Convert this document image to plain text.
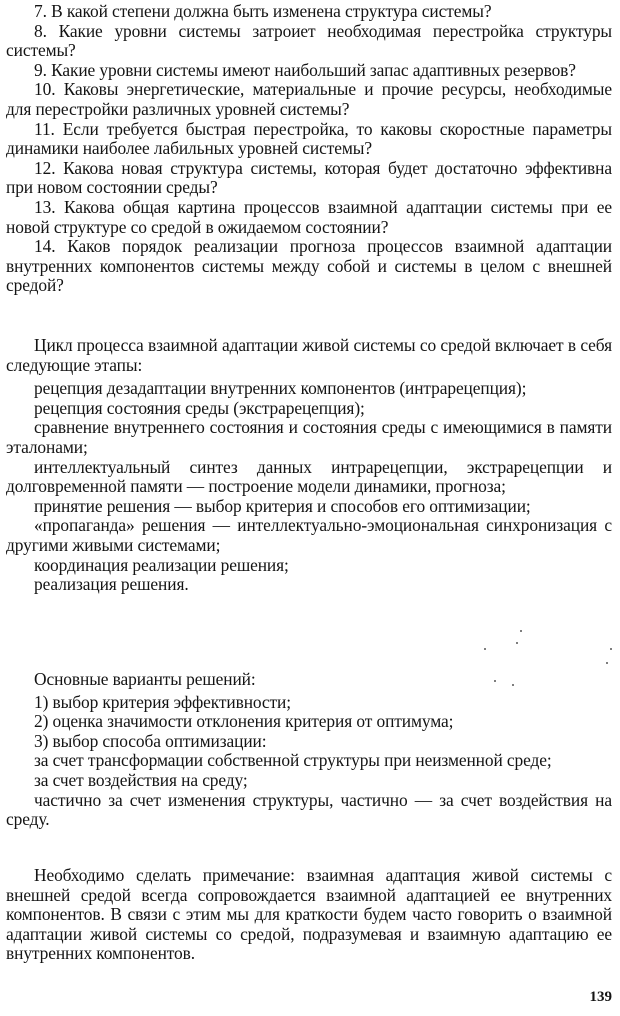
7. В какой степени должна быть изменена структура системы?

8. Какие уровни системы затроиет необходимая перестройка структуры системы?

9. Какие уровни системы имеют наибольший запас адаптивных резервов?

10. Каковы энергетические, материальные и прочие ресурсы, необходимые для перестройки различных уровней системы?

11. Если требуется быстрая перестройка, то каковы скоростные параметры динамики наиболее лабильных уровней системы?

12. Какова новая структура системы, которая будет достаточно эффективна при новом состоянии среды?

13. Какова общая картина процессов взаимной адаптации системы при ее новой структуре со средой в ожидаемом состоянии?

14. Каков порядок реализации прогноза процессов взаимной адаптации внутренних компонентов системы между собой и системы в целом с внешней средой?

Цикл процесса взаимной адаптации живой системы со средой включает в себя следующие этапы:

рецепция дезадаптации внутренних компонентов (интрарецепция);

рецепция состояния среды (экстрарецепция);

сравнение внутреннего состояния и состояния среды с имеющимися в памяти эталонами;

интеллектуальный синтез данных интрарецепции, экстрарецепции и долговременной памяти — построение модели динамики, прогноза;

принятие решения — выбор критерия и способов его оптимизации;

«пропаганда» решения — интеллектуально-эмоциональная синхронизация с другими живыми системами;

координация реализации решения;

реализация решения.

Основные варианты решений:

1) выбор критерия эффективности;

2) оценка значимости отклонения критерия от оптимума;

3) выбор способа оптимизации:

за счет трансформации собственной структуры при неизменной среде;

за счет воздействия на среду;

частично за счет изменения структуры, частично — за счет воздействия на среду.

Необходимо сделать примечание: взаимная адаптация живой системы с внешней средой всегда сопровождается взаимной адаптацией ее внутренних компонентов. В связи с этим мы для краткости будем часто говорить о взаимной адаптации живой системы со средой, подразумевая и взаимную адаптацию ее внутренних компонентов.

139
